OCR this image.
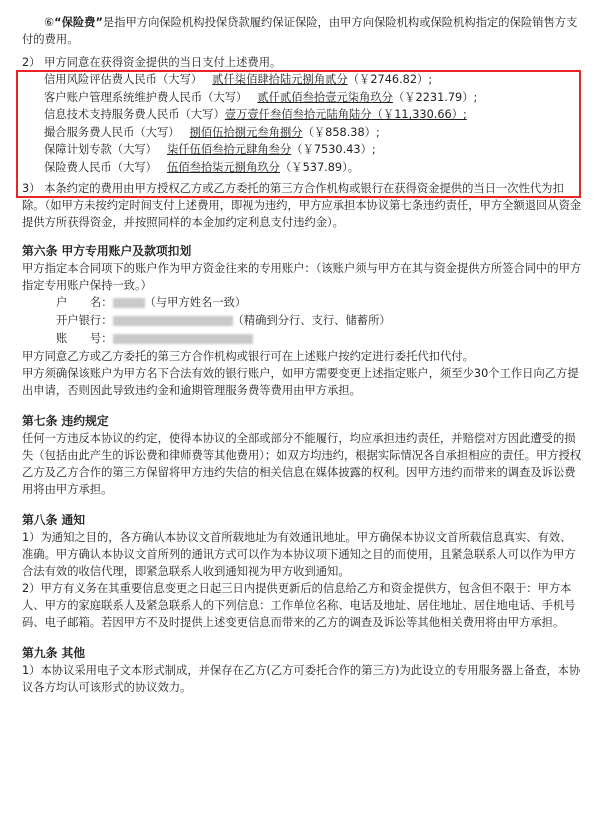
⑥“保险费”是指甲方向保险机构投保贷款履约保证保险，由甲方向保险机构或保险机构指定的保险销售方支付的费用。

2） 甲方同意在获得资金提供的当日支付上述费用。

信用风险评估费人民币（大写） 贰仟柒佰肆拾陆元捌角贰分（￥2746.82）;
客户账户管理系统维护费人民币（大写） 贰仟贰佰叁拾壹元柒角玖分（￥2231.79）;
信息技术支持服务费人民币（大写）壹万壹仟叁佰叁拾元陆角陆分（￥11,330.66）;
撮合服务费人民币（大写） 捌佰伍拾捌元叁角捌分（￥858.38）;
保障计划专款（大写） 柒仟伍佰叁拾元肆角叁分（￥7530.43）;
保险费人民币（大写） 伍佰叁拾柒元捌角玖分（￥537.89）。

3） 本条约定的费用由甲方授权乙方或乙方委托的第三方合作机构或银行在获得资金提供的当日一次性代为扣除。（如甲方未按约定时间支付上述费用，即视为违约，甲方应承担本协议第七条违约责任，甲方全额退回从资金提供方所获得资金，并按照同样的本金加约定利息支付违约金）。

第六条 甲方专用账户及款项扣划

甲方指定本合同项下的账户作为甲方资金往来的专用账户：（该账户须与甲方在其与资金提供方所签合同中的甲方指定专用账户保持一致。）

户　　名：	（与甲方姓名一致）
开户银行：	（精确到分行、支行、储蓄所）
账　　号：

甲方同意乙方或乙方委托的第三方合作机构或银行可在上述账户按约定进行委托代扣代付。

甲方须确保该账户为甲方名下合法有效的银行账户，如甲方需要变更上述指定账户，须至少30个工作日向乙方提出申请，否则因此导致违约金和逾期管理服务费等费用由甲方承担。

第七条 违约规定

任何一方违反本协议的约定，使得本协议的全部或部分不能履行，均应承担违约责任，并赔偿对方因此遭受的损失（包括由此产生的诉讼费和律师费等其他费用）；如双方均违约，根据实际情况各自承担相应的责任。甲方授权乙方及乙方合作的第三方保留将甲方违约失信的相关信息在媒体披露的权利。因甲方违约而带来的调查及诉讼费用将由甲方承担。

第八条 通知

1）为通知之目的，各方确认本协议文首所载地址为有效通讯地址。甲方确保本协议文首所载信息真实、有效、准确。甲方确认本协议文首所列的通讯方式可以作为本协议项下通知之目的而使用，且紧急联系人可以作为甲方合法有效的收信代理，即紧急联系人收到通知视为甲方收到通知。

2）甲方有义务在其重要信息变更之日起三日内提供更新后的信息给乙方和资金提供方，包含但不限于：甲方本人、甲方的家庭联系人及紧急联系人的下列信息：工作单位名称、电话及地址、居住地址、居住地电话、手机号码、电子邮箱。若因甲方不及时提供上述变更信息而带来的乙方的调查及诉讼等其他相关费用将由甲方承担。

第九条 其他

1）本协议采用电子文本形式制成，并保存在乙方(乙方可委托合作的第三方)为此设立的专用服务器上备查，本协议各方均认可该形式的协议效力。
